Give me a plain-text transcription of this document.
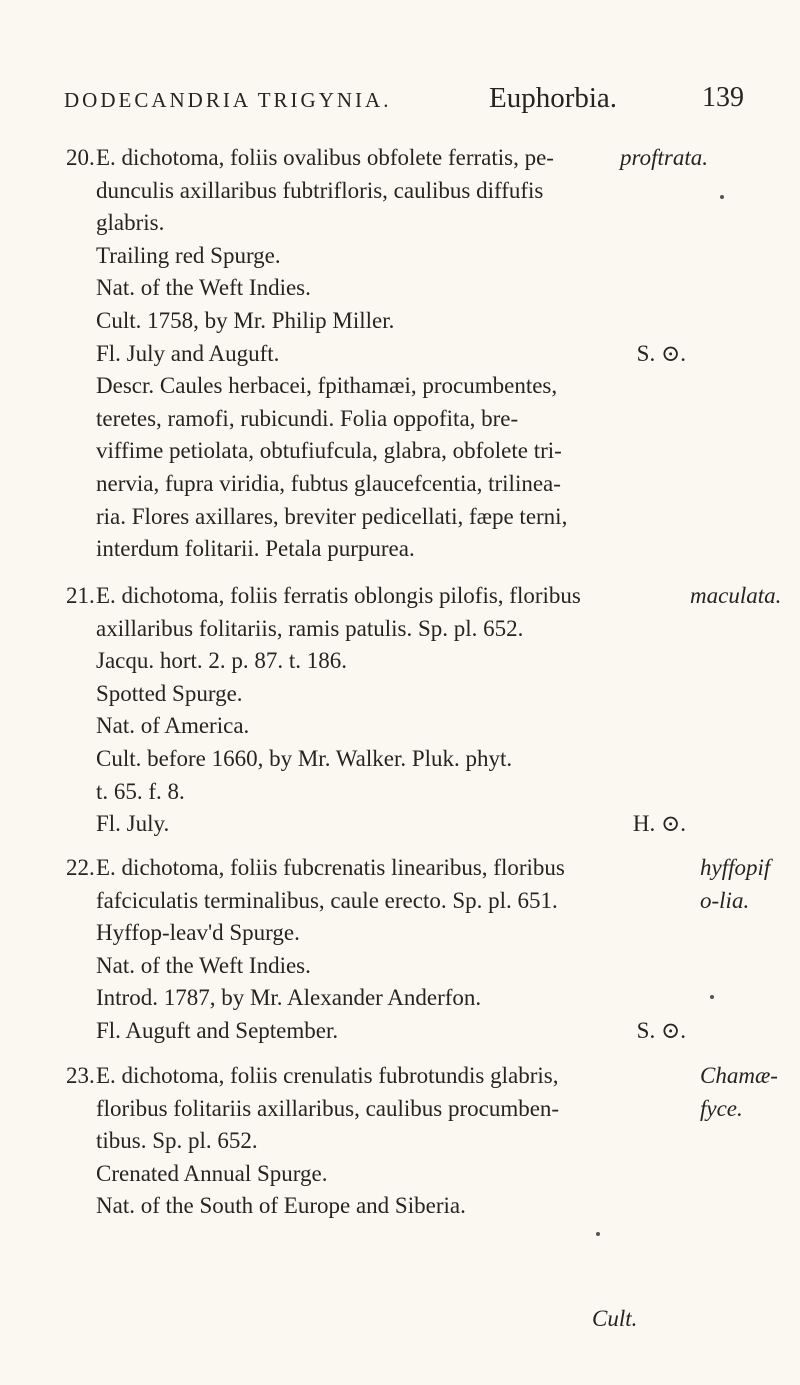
DODECANDRIA TRIGYNIA.	Euphorbia.	139
20.E. dichotoma, foliis ovalibus obfolete ferratis, pe-
dunculis axillaribus fubtrifloris, caulibus diffufis
glabris.
Trailing red Spurge.
Nat. of the Weft Indies.
Cult. 1758, by Mr. Philip Miller.
Fl. July and Auguft.	S. ⊙.
Descr. Caules herbacei, fpithamæi, procumbentes,
teretes, ramofi, rubicundi. Folia oppofita, bre-
viffime petiolata, obtufiufcula, glabra, obfolete tri-
nervia, fupra viridia, fubtus glaucefcentia, trilinea-
ria. Flores axillares, breviter pedicellati, fæpe terni,
interdum folitarii. Petala purpurea.
proftrata.
21.E. dichotoma, foliis ferratis oblongis pilofis, floribus
axillaribus folitariis, ramis patulis. Sp. pl. 652.
Jacqu. hort. 2. p. 87. t. 186.
Spotted Spurge.
Nat. of America.
Cult. before 1660, by Mr. Walker. Pluk. phyt.
t. 65. f. 8.
Fl. July.	H. ⊙.
maculata.
22.E. dichotoma, foliis fubcrenatis linearibus, floribus
fafciculatis terminalibus, caule erecto. Sp. pl. 651.
Hyffop-leav'd Spurge.
Nat. of the Weft Indies.
Introd. 1787, by Mr. Alexander Anderfon.
Fl. Auguft and September.	S. ⊙.
hyffopifo-lia.
23.E. dichotoma, foliis crenulatis fubrotundis glabris,
floribus folitariis axillaribus, caulibus procumben-
tibus. Sp. pl. 652.
Crenated Annual Spurge.
Nat. of the South of Europe and Siberia.
Chamæ-fyce.
Cult.
